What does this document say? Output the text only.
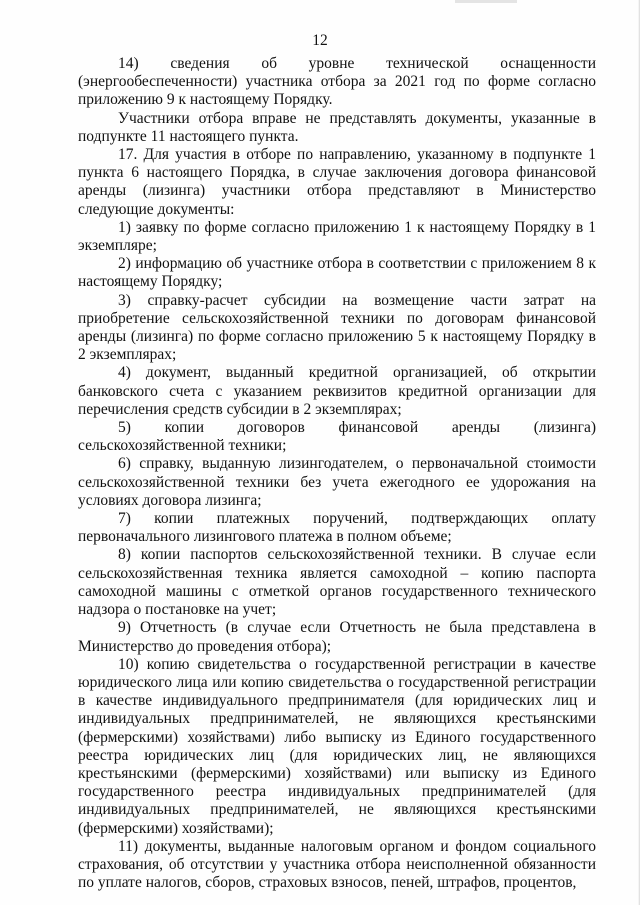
12

14) сведения об уровне технической оснащенности (энергообеспеченности) участника отбора за 2021 год по форме согласно приложению 9 к настоящему Порядку.

Участники отбора вправе не представлять документы, указанные в подпункте 11 настоящего пункта.

17. Для участия в отборе по направлению, указанному в подпункте 1 пункта 6 настоящего Порядка, в случае заключения договора финансовой аренды (лизинга) участники отбора представляют в Министерство следующие документы:

1) заявку по форме согласно приложению 1 к настоящему Порядку в 1 экземпляре;

2) информацию об участнике отбора в соответствии с приложением 8 к настоящему Порядку;

3) справку-расчет субсидии на возмещение части затрат на приобретение сельскохозяйственной техники по договорам финансовой аренды (лизинга) по форме согласно приложению 5 к настоящему Порядку в 2 экземплярах;

4) документ, выданный кредитной организацией, об открытии банковского счета с указанием реквизитов кредитной организации для перечисления средств субсидии в 2 экземплярах;

5) копии договоров финансовой аренды (лизинга) сельскохозяйственной техники;

6) справку, выданную лизингодателем, о первоначальной стоимости сельскохозяйственной техники без учета ежегодного ее удорожания на условиях договора лизинга;

7) копии платежных поручений, подтверждающих оплату первоначального лизингового платежа в полном объеме;

8) копии паспортов сельскохозяйственной техники. В случае если сельскохозяйственная техника является самоходной – копию паспорта самоходной машины с отметкой органов государственного технического надзора о постановке на учет;

9) Отчетность (в случае если Отчетность не была представлена в Министерство до проведения отбора);

10) копию свидетельства о государственной регистрации в качестве юридического лица или копию свидетельства о государственной регистрации в качестве индивидуального предпринимателя (для юридических лиц и индивидуальных предпринимателей, не являющихся крестьянскими (фермерскими) хозяйствами) либо выписку из Единого государственного реестра юридических лиц (для юридических лиц, не являющихся крестьянскими (фермерскими) хозяйствами) или выписку из Единого государственного реестра индивидуальных предпринимателей (для индивидуальных предпринимателей, не являющихся крестьянскими (фермерскими) хозяйствами);

11) документы, выданные налоговым органом и фондом социального страхования, об отсутствии у участника отбора неисполненной обязанности по уплате налогов, сборов, страховых взносов, пеней, штрафов, процентов,
